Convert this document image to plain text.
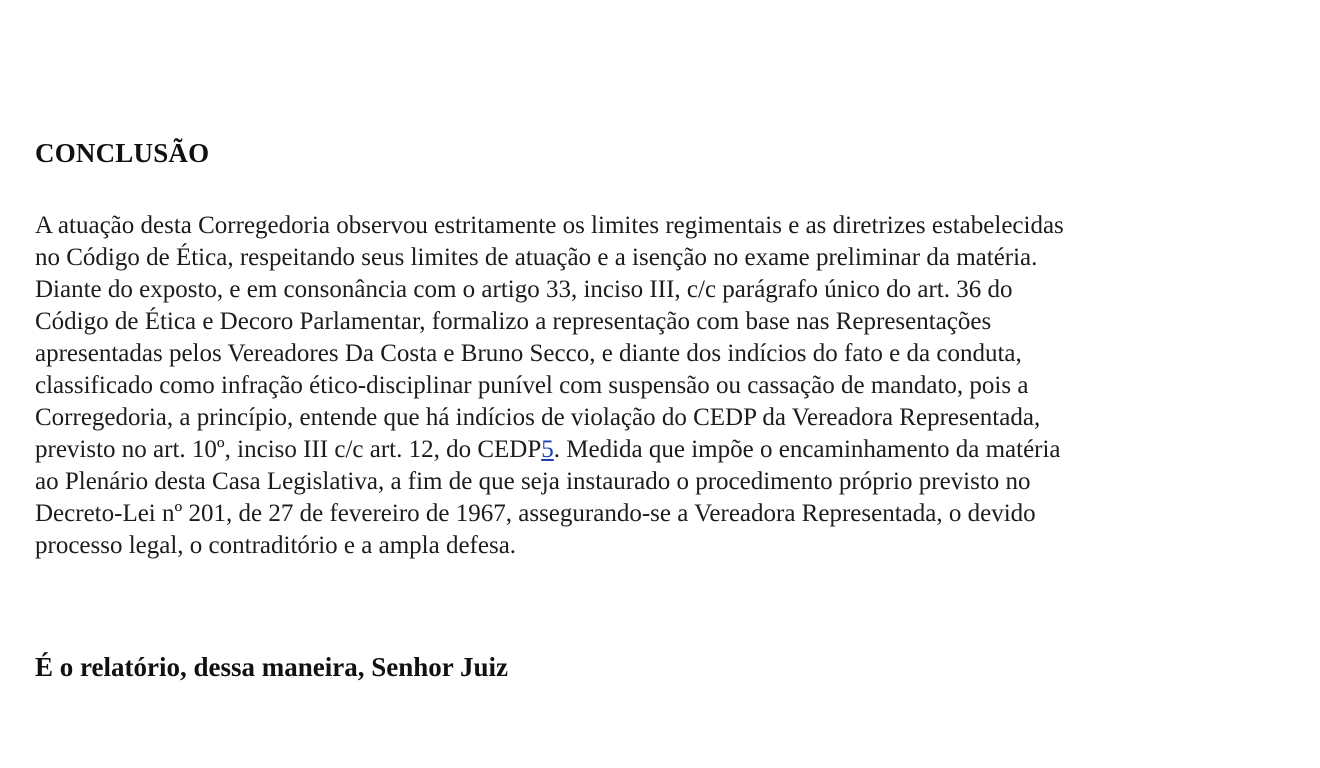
CONCLUSÃO

A atuação desta Corregedoria observou estritamente os limites regimentais e as diretrizes estabelecidas
no Código de Ética, respeitando seus limites de atuação e a isenção no exame preliminar da matéria.
Diante do exposto, e em consonância com o artigo 33, inciso III, c/c parágrafo único do art. 36 do
Código de Ética e Decoro Parlamentar, formalizo a representação com base nas Representações
apresentadas pelos Vereadores Da Costa e Bruno Secco, e diante dos indícios do fato e da conduta,
classificado como infração ético-disciplinar punível com suspensão ou cassação de mandato, pois a
Corregedoria, a princípio, entende que há indícios de violação do CEDP da Vereadora Representada,
previsto no art. 10º, inciso III c/c art. 12, do CEDP5. Medida que impõe o encaminhamento da matéria
ao Plenário desta Casa Legislativa, a fim de que seja instaurado o procedimento próprio previsto no
Decreto-Lei nº 201, de 27 de fevereiro de 1967, assegurando-se a Vereadora Representada, o devido
processo legal, o contraditório e a ampla defesa.

É o relatório, dessa maneira, Senhor Juiz
